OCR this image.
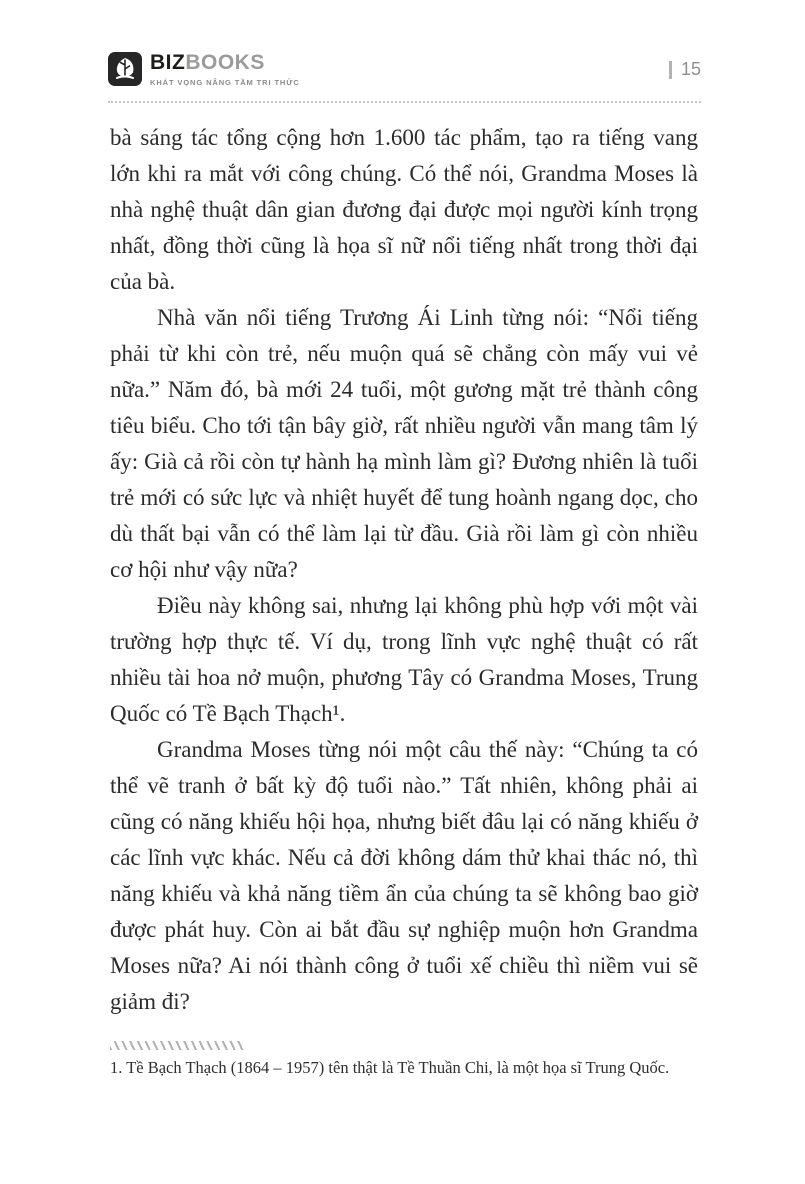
BIZBOOKS
KHÁT VỌNG NÂNG TẦM TRI THỨC
15

bà sáng tác tổng cộng hơn 1.600 tác phẩm, tạo ra tiếng vang lớn khi ra mắt với công chúng. Có thể nói, Grandma Moses là nhà nghệ thuật dân gian đương đại được mọi người kính trọng nhất, đồng thời cũng là họa sĩ nữ nổi tiếng nhất trong thời đại của bà.

Nhà văn nổi tiếng Trương Ái Linh từng nói: “Nổi tiếng phải từ khi còn trẻ, nếu muộn quá sẽ chẳng còn mấy vui vẻ nữa.” Năm đó, bà mới 24 tuổi, một gương mặt trẻ thành công tiêu biểu. Cho tới tận bây giờ, rất nhiều người vẫn mang tâm lý ấy: Già cả rồi còn tự hành hạ mình làm gì? Đương nhiên là tuổi trẻ mới có sức lực và nhiệt huyết để tung hoành ngang dọc, cho dù thất bại vẫn có thể làm lại từ đầu. Già rồi làm gì còn nhiều cơ hội như vậy nữa?

Điều này không sai, nhưng lại không phù hợp với một vài trường hợp thực tế. Ví dụ, trong lĩnh vực nghệ thuật có rất nhiều tài hoa nở muộn, phương Tây có Grandma Moses, Trung Quốc có Tề Bạch Thạch¹.

Grandma Moses từng nói một câu thế này: “Chúng ta có thể vẽ tranh ở bất kỳ độ tuổi nào.” Tất nhiên, không phải ai cũng có năng khiếu hội họa, nhưng biết đâu lại có năng khiếu ở các lĩnh vực khác. Nếu cả đời không dám thử khai thác nó, thì năng khiếu và khả năng tiềm ẩn của chúng ta sẽ không bao giờ được phát huy. Còn ai bắt đầu sự nghiệp muộn hơn Grandma Moses nữa? Ai nói thành công ở tuổi xế chiều thì niềm vui sẽ giảm đi?

1. Tề Bạch Thạch (1864 – 1957) tên thật là Tề Thuần Chi, là một họa sĩ Trung Quốc.
